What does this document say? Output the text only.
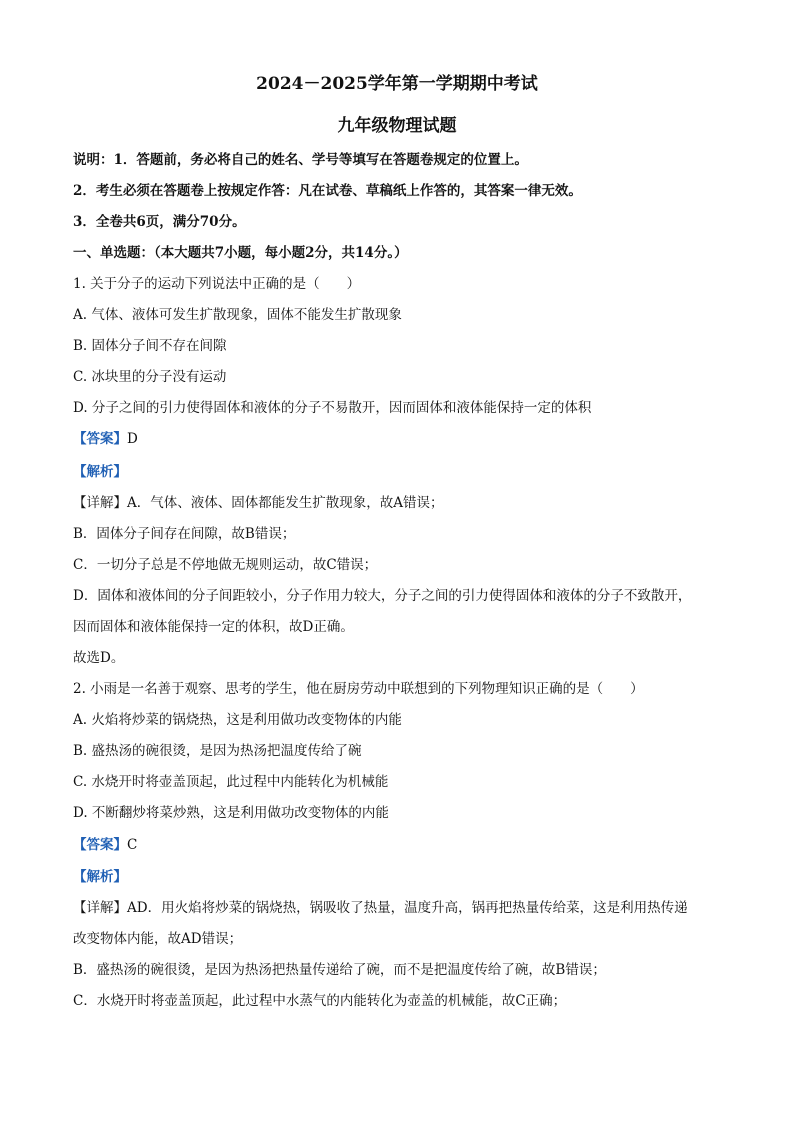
2024－2025学年第一学期期中考试
九年级物理试题
说明：1．答题前，务必将自己的姓名、学号等填写在答题卷规定的位置上。
2．考生必须在答题卷上按规定作答：凡在试卷、草稿纸上作答的，其答案一律无效。
3．全卷共6页，满分70分。
一、单选题：（本大题共7小题，每小题2分，共14分。）
1. 关于分子的运动下列说法中正确的是（　　）
A. 气体、液体可发生扩散现象，固体不能发生扩散现象
B. 固体分子间不存在间隙
C. 冰块里的分子没有运动
D. 分子之间的引力使得固体和液体的分子不易散开，因而固体和液体能保持一定的体积
【答案】D
【解析】
【详解】A．气体、液体、固体都能发生扩散现象，故A错误；
B．固体分子间存在间隙，故B错误；
C．一切分子总是不停地做无规则运动，故C错误；
D．固体和液体间的分子间距较小，分子作用力较大，分子之间的引力使得固体和液体的分子不致散开，
因而固体和液体能保持一定的体积，故D正确。
故选D。
2. 小雨是一名善于观察、思考的学生，他在厨房劳动中联想到的下列物理知识正确的是（　　）
A. 火焰将炒菜的锅烧热，这是利用做功改变物体的内能
B. 盛热汤的碗很烫，是因为热汤把温度传给了碗
C. 水烧开时将壶盖顶起，此过程中内能转化为机械能
D. 不断翻炒将菜炒熟，这是利用做功改变物体的内能
【答案】C
【解析】
【详解】AD．用火焰将炒菜的锅烧热，锅吸收了热量，温度升高，锅再把热量传给菜，这是利用热传递
改变物体内能，故AD错误；
B．盛热汤的碗很烫，是因为热汤把热量传递给了碗，而不是把温度传给了碗，故B错误；
C．水烧开时将壶盖顶起，此过程中水蒸气的内能转化为壶盖的机械能，故C正确；
